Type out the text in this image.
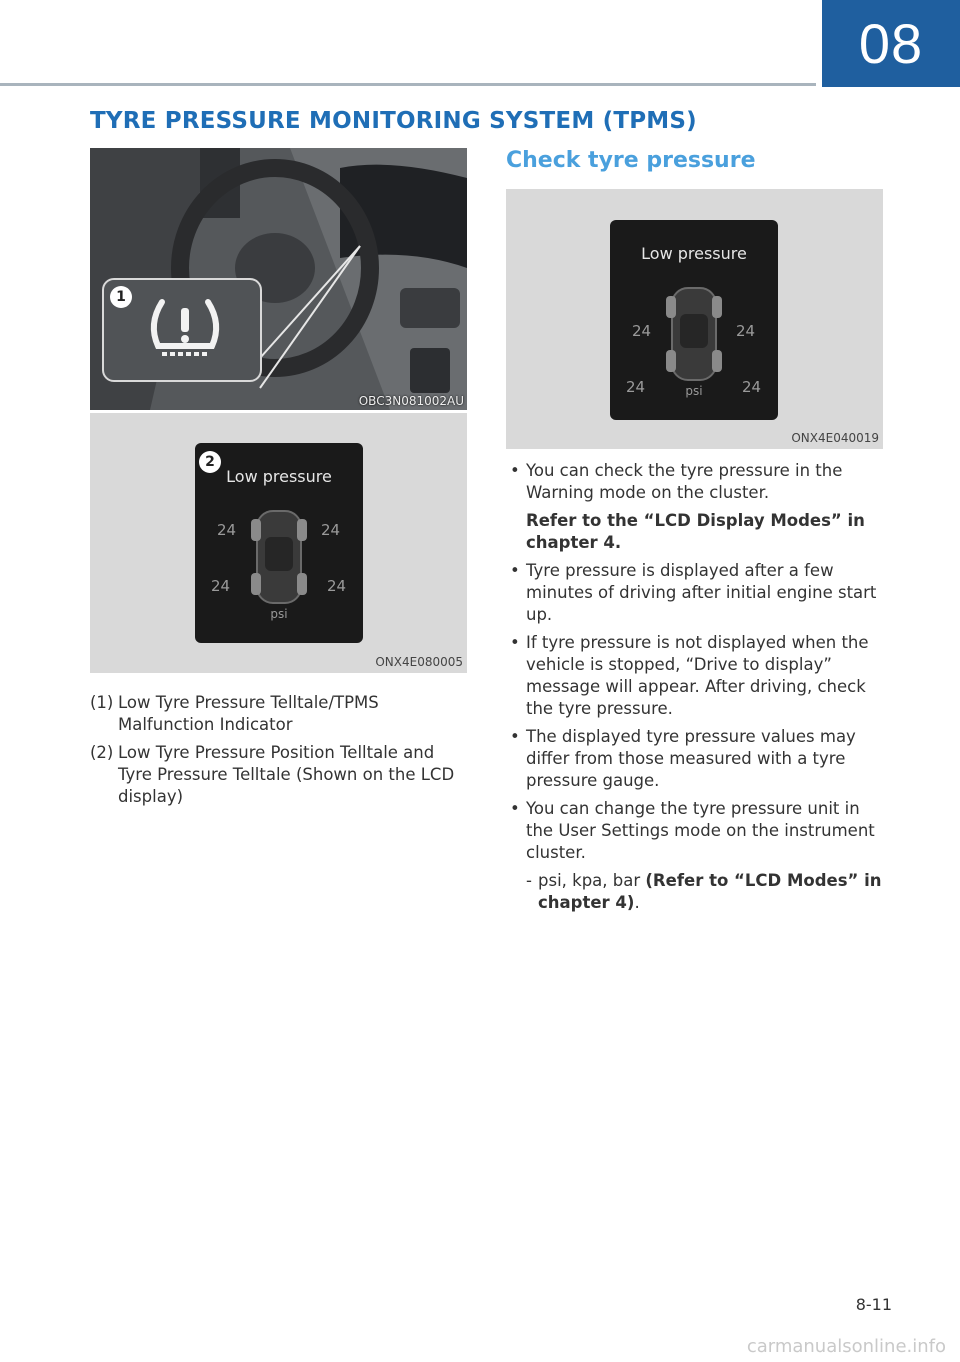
08
TYRE PRESSURE MONITORING SYSTEM (TPMS)
1
OBC3N081002AU
2
Low pressure
24	24
24	24
psi
ONX4E080005
(1) Low Tyre Pressure Telltale/TPMS Malfunction Indicator
(2) Low Tyre Pressure Position Telltale and Tyre Pressure Telltale (Shown on the LCD display)
Check tyre pressure
Low pressure
24	24
24	24
psi
ONX4E040019
• You can check the tyre pressure in the Warning mode on the cluster.
Refer to the “LCD Display Modes” in chapter 4.
• Tyre pressure is displayed after a few minutes of driving after initial engine start up.
• If tyre pressure is not displayed when the vehicle is stopped, “Drive to display” message will appear. After driving, check the tyre pressure.
• The displayed tyre pressure values may differ from those measured with a tyre pressure gauge.
• You can change the tyre pressure unit in the User Settings mode on the instrument cluster.
- psi, kpa, bar (Refer to “LCD Modes” in chapter 4).
8-11
carmanualsonline.info
